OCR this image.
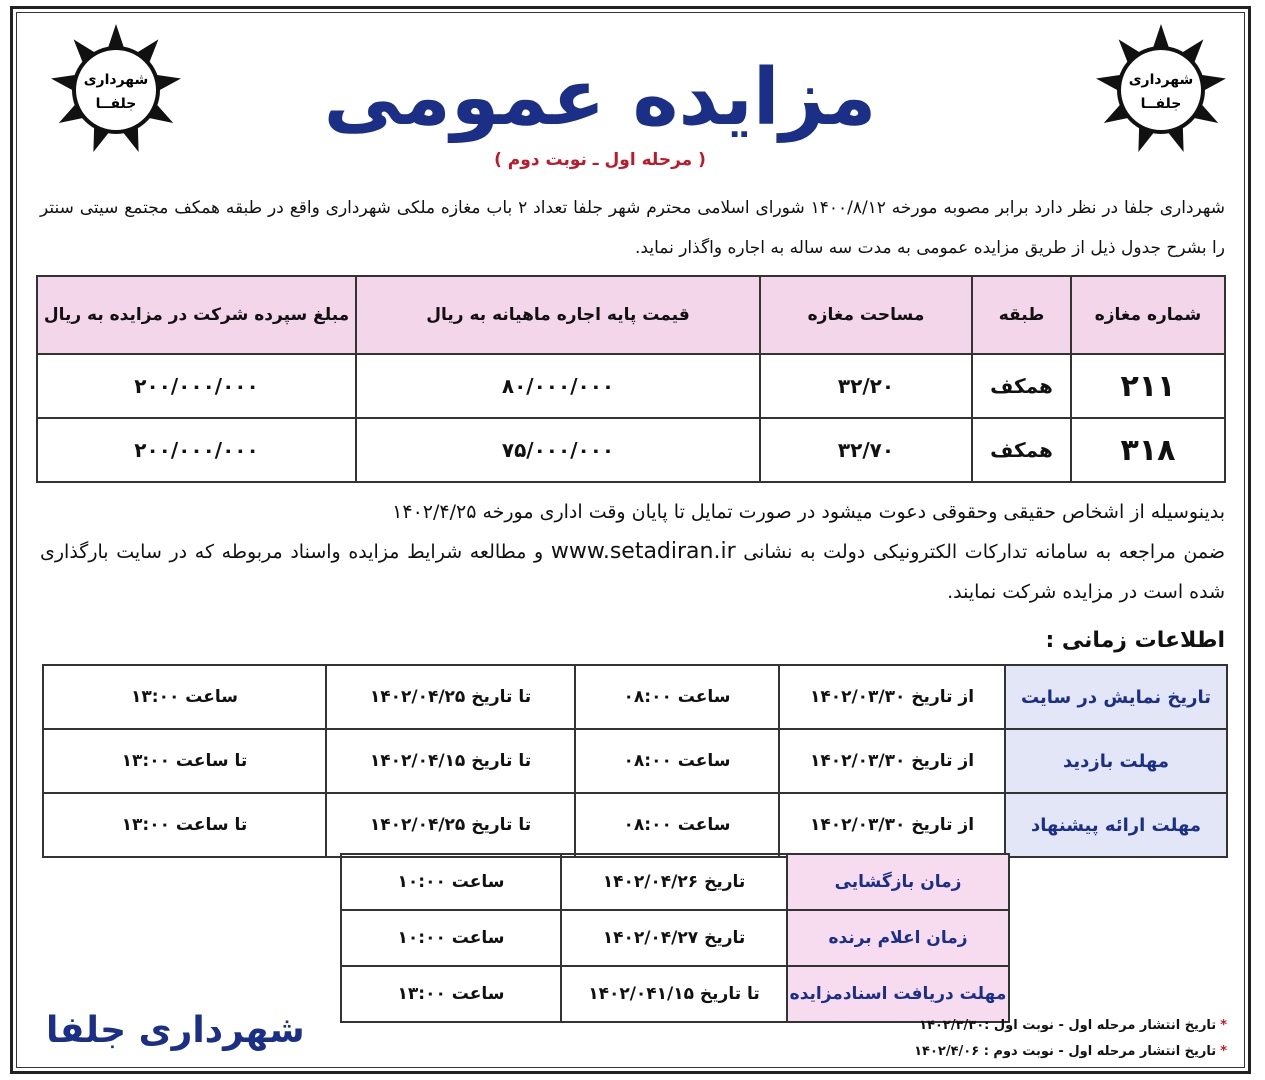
شهرداری
جلفــا
شهرداری
جلفــا
مزایده عمومی
( مرحله اول ـ نوبت دوم )
شهرداری جلفا در نظر دارد برابر مصوبه مورخه ۱۴۰۰/۸/۱۲ شورای اسلامی محترم شهر جلفا تعداد ۲ باب مغازه ملکی شهرداری واقع در طبقه همکف مجتمع سیتی سنتر را بشرح جدول ذیل از طریق مزایده عمومی به مدت سه ساله به اجاره واگذار نماید.
شماره مغازه	طبقه	مساحت مغازه	قیمت پایه اجاره ماهیانه به ریال	مبلغ سپرده شرکت در مزایده به ریال
۲۱۱	همکف	۳۲/۲۰	۸۰/۰۰۰/۰۰۰	۲۰۰/۰۰۰/۰۰۰
۳۱۸	همکف	۳۲/۷۰	۷۵/۰۰۰/۰۰۰	۲۰۰/۰۰۰/۰۰۰
بدینوسیله از اشخاص حقیقی وحقوقی دعوت میشود در صورت تمایل تا پایان وقت اداری مورخه ۱۴۰۲/۴/۲۵
ضمن مراجعه به سامانه تدارکات الکترونیکی دولت به نشانی www.setadiran.ir و مطالعه شرایط مزایده واسناد مربوطه که در سایت بارگذاری شده است در مزایده شرکت نمایند.
اطلاعات زمانی :
تاریخ نمایش در سایت	از تاریخ ۱۴۰۲/۰۳/۳۰	ساعت ۰۸:۰۰	تا تاریخ ۱۴۰۲/۰۴/۲۵	ساعت ۱۳:۰۰
مهلت بازدید	از تاریخ ۱۴۰۲/۰۳/۳۰	ساعت ۰۸:۰۰	تا تاریخ ۱۴۰۲/۰۴/۱۵	تا ساعت ۱۳:۰۰
مهلت ارائه پیشنهاد	از تاریخ ۱۴۰۲/۰۳/۳۰	ساعت ۰۸:۰۰	تا تاریخ ۱۴۰۲/۰۴/۲۵	تا ساعت ۱۳:۰۰
زمان بازگشایی	تاریخ ۱۴۰۲/۰۴/۲۶	ساعت ۱۰:۰۰
زمان اعلام برنده	تاریخ ۱۴۰۲/۰۴/۲۷	ساعت ۱۰:۰۰
مهلت دریافت اسنادمزایده	تا تاریخ ۱۴۰۲/۰۴۱/۱۵	ساعت ۱۳:۰۰
شهرداری جلفا	*تاریخ انتشار مرحله اول - نوبت اول :۱۴۰۲/۳/۳۰
*تاریخ انتشار مرحله اول - نوبت دوم : ۱۴۰۲/۴/۰۶
